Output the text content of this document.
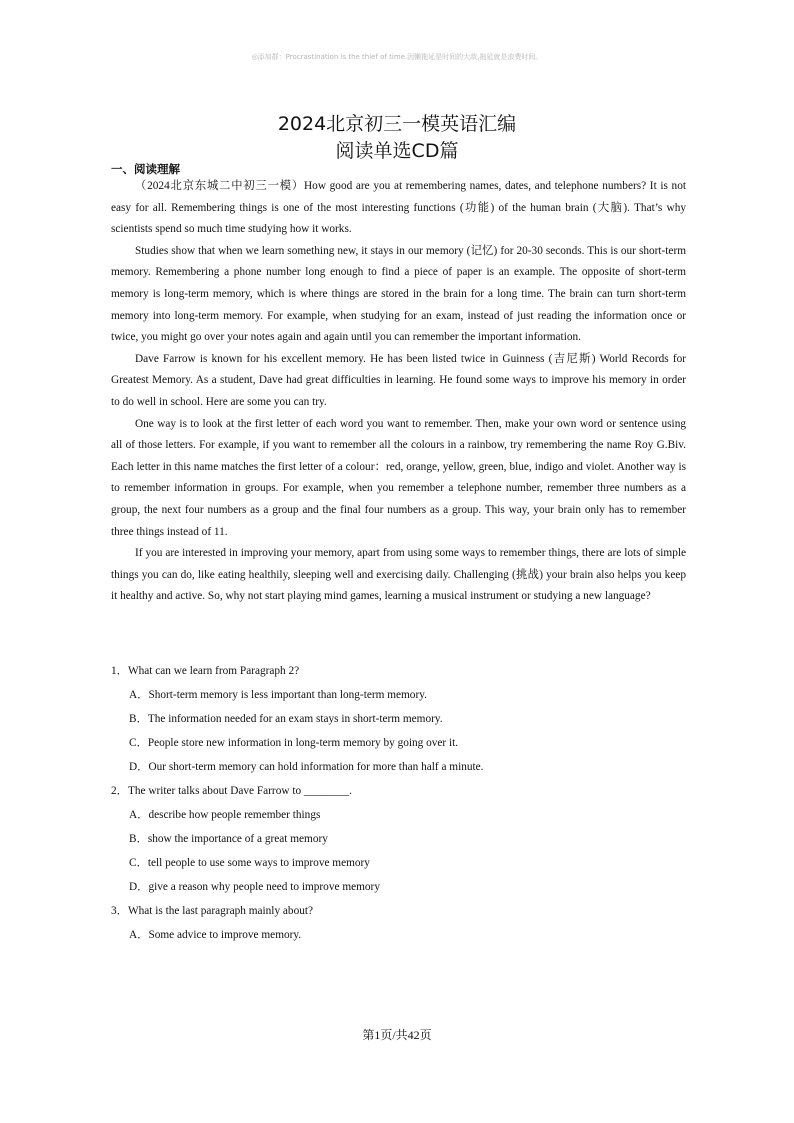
◎添加群：Procrastination is the thief of time.因懒拖延是时间的大敌,拖延就是浪费时间。
2024北京初三一模英语汇编
阅读单选CD篇
一、阅读理解

（2024北京东城二中初三一模）How good are you at remembering names, dates, and telephone numbers? It is not easy for all. Remembering things is one of the most interesting functions (功能) of the human brain (大脑). That’s why scientists spend so much time studying how it works.

Studies show that when we learn something new, it stays in our memory (记忆) for 20-30 seconds. This is our short-term memory. Remembering a phone number long enough to find a piece of paper is an example. The opposite of short-term memory is long-term memory, which is where things are stored in the brain for a long time. The brain can turn short-term memory into long-term memory. For example, when studying for an exam, instead of just reading the information once or twice, you might go over your notes again and again until you can remember the important information.

Dave Farrow is known for his excellent memory. He has been listed twice in Guinness (吉尼斯) World Records for Greatest Memory. As a student, Dave had great difficulties in learning. He found some ways to improve his memory in order to do well in school. Here are some you can try.

One way is to look at the first letter of each word you want to remember. Then, make your own word or sentence using all of those letters. For example, if you want to remember all the colours in a rainbow, try remembering the name Roy G.Biv. Each letter in this name matches the first letter of a colour：red, orange, yellow, green, blue, indigo and violet. Another way is to remember information in groups. For example, when you remember a telephone number, remember three numbers as a group, the next four numbers as a group and the final four numbers as a group. This way, your brain only has to remember three things instead of 11.

If you are interested in improving your memory, apart from using some ways to remember things, there are lots of simple things you can do, like eating healthily, sleeping well and exercising daily. Challenging (挑战) your brain also helps you keep it healthy and active. So, why not start playing mind games, learning a musical instrument or studying a new language?

1．What can we learn from Paragraph 2?
A．Short-term memory is less important than long-term memory.
B．The information needed for an exam stays in short-term memory.
C．People store new information in long-term memory by going over it.
D．Our short-term memory can hold information for more than half a minute.
2．The writer talks about Dave Farrow to ________.
A．describe how people remember things
B．show the importance of a great memory
C．tell people to use some ways to improve memory
D．give a reason why people need to improve memory
3．What is the last paragraph mainly about?
A．Some advice to improve memory.
第1页/共42页
